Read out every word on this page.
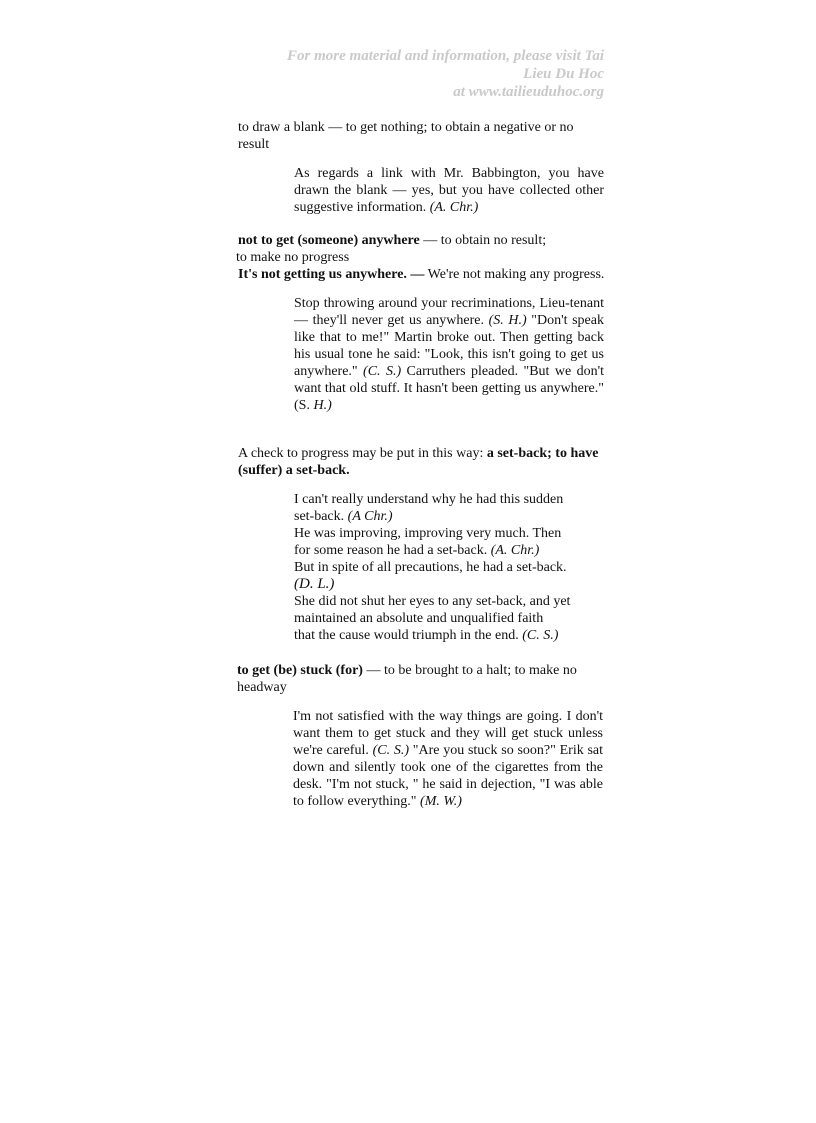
For more material and information, please visit Tai
Lieu Du Hoc
at www.tailieuduhoc.org

to draw a blank — to get nothing; to obtain a negative or no result

As regards a link with Mr. Babbington, you have drawn the blank — yes, but you have collected other suggestive information. (A. Chr.)

not to get (someone) anywhere — to obtain no result;

to make no progress

It's not getting us anywhere. — We're not making any progress.

Stop throwing around your recriminations, Lieu-tenant — they'll never get us anywhere. (S. H.) "Don't speak like that to me!" Martin broke out. Then getting back his usual tone he said: "Look, this isn't going to get us anywhere." (C. S.) Carruthers pleaded. "But we don't want that old stuff. It hasn't been getting us anywhere." (S. H.)

A check to progress may be put in this way: a set-back; to have (suffer) a set-back.

I can't really understand why he had this sudden

set-back. (A Chr.)

He was improving, improving very much. Then

for some reason he had a set-back. (A. Chr.)

But in spite of all precautions, he had a set-back.

(D. L.)

She did not shut her eyes to any set-back, and yet

maintained an absolute and unqualified faith

that the cause would triumph in the end. (C. S.)

to get (be) stuck (for) — to be brought to a halt; to make no headway

I'm not satisfied with the way things are going. I don't want them to get stuck and they will get stuck unless we're careful. (C. S.) "Are you stuck so soon?" Erik sat down and silently took one of the cigarettes from the desk. "I'm not stuck, " he said in dejection, "I was able to follow everything." (M. W.)
